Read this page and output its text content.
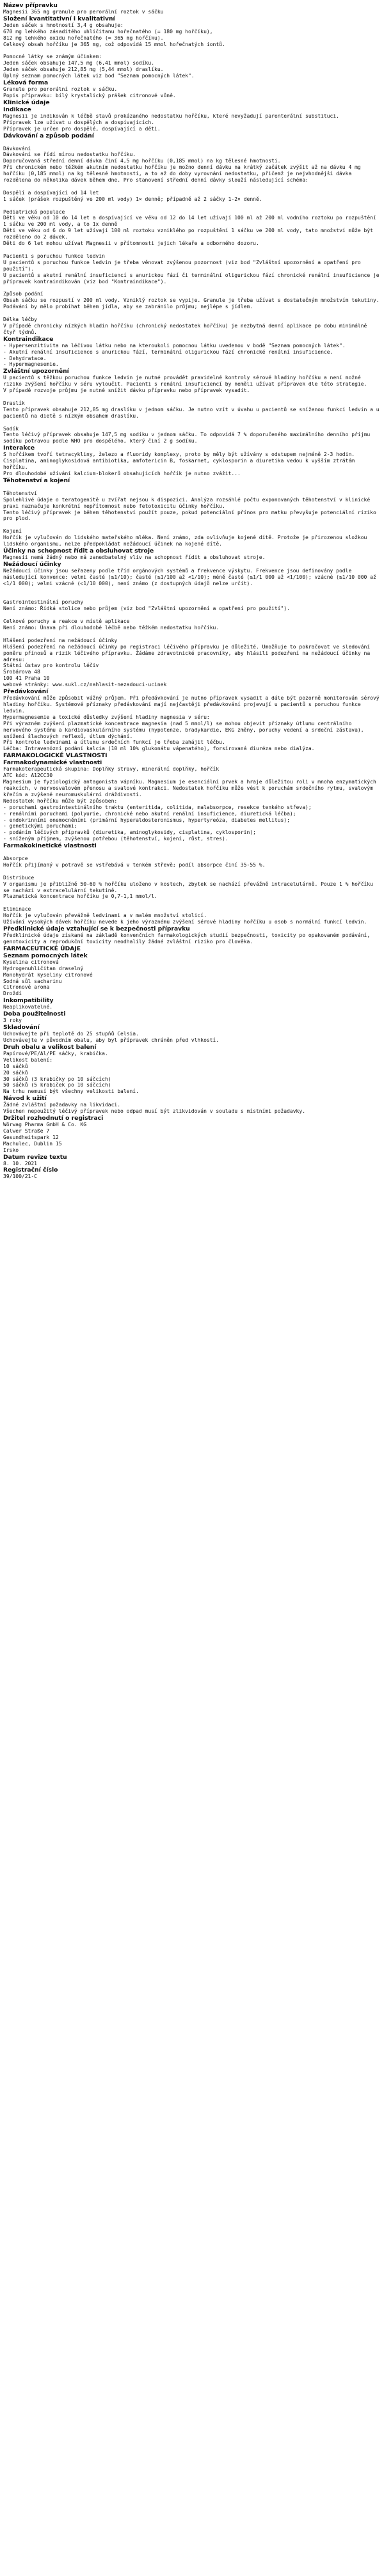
Název přípravku
Magnesii 365 mg granule pro perorální roztok v sáčku
Složení kvantitativní i kvalitativní
Jeden sáček s hmotností 3,4 g obsahuje:
670 mg lehkého zásaditého uhličitanu hořečnatého (= 180 mg hořčíku),
812 mg lehkého oxidu hořečnatého (= 365 mg hořčíku).
Celkový obsah hořčíku je 365 mg, což odpovídá 15 mmol hořečnatých iontů.

Pomocné látky se známým účinkem:
Jeden sáček obsahuje 147,5 mg (6,41 mmol) sodíku.
Jeden sáček obsahuje 212,85 mg (5,44 mmol) draslíku.
Úplný seznam pomocných látek viz bod "Seznam pomocných látek".
Léková forma
Granule pro perorální roztok v sáčku.
Popis přípravku: bílý krystalický prášek citronové vůně.
Klinické údaje
Indikace
Magnesii je indikován k léčbě stavů prokázaného nedostatku hořčíku, které nevyžadují parenterální substituci.
Přípravek lze užívat u dospělých a dospívajících.
Přípravek je určen pro dospělé, dospívající a děti.
Dávkování a způsob podání

Dávkování
Dávkování se řídí mírou nedostatku hořčíku.
Doporučovaná střední denní dávka činí 4,5 mg hořčíku (0,185 mmol) na kg tělesné hmotnosti.
Při chronickém nebo těžkém akutním nedostatku hořčíku je možno denní dávku na krátký začátek zvýšit až na dávku 4 mg hořčíku (0,185 mmol) na kg tělesné hmotnosti, a to až do doby vyrovnání nedostatku, přičemž je nejvhodnější dávka rozdělena do několika dávek během dne. Pro stanovení střední denní dávky slouží následující schéma:

Dospělí a dospívající od 14 let
1 sáček (prášek rozpuštěný ve 200 ml vody) 1× denně; případně až 2 sáčky 1-2× denně.

Pediatrická populace
Děti ve věku od 10 do 14 let a dospívající ve věku od 12 do 14 let užívají 100 ml až 200 ml vodního roztoku po rozpuštění 1 sáčku ve 200 ml vody, a to 1x denně
Děti ve věku od 6 do 9 let užívají 100 ml roztoku vzniklého po rozpuštění 1 sáčku ve 200 ml vody, tato množství může být rozděleno do 2 dávek.
Děti do 6 let mohou užívat Magnesii v přítomnosti jejich lékaře a odborného dozoru.

Pacienti s poruchou funkce ledvin
U pacientů s poruchou funkce ledvin je třeba věnovat zvýšenou pozornost (viz bod "Zvláštní upozornění a opatření pro použití").
U pacientů s akutní renální insuficiencí s anurickou fází či terminální oligurickou fází chronické renální insuficience je přípravek kontraindikován (viz bod "Kontraindikace").

Způsob podání
Obsah sáčku se rozpustí v 200 ml vody. Vzniklý roztok se vypije. Granule je třeba užívat s dostatečným množstvím tekutiny. Podávání by mělo probíhat během jídla, aby se zabránilo průjmu; nejlépe s jídlem.

Délka léčby
V případě chronicky nízkých hladin hořčíku (chronický nedostatek hořčíku) je nezbytná denní aplikace po dobu minimálně čtyř týdnů.
Kontraindikace
- Hypersenzitivita na léčivou látku nebo na kteroukoli pomocnou látku uvedenou v bodě "Seznam pomocných látek".
- Akutní renální insuficience s anurickou fází, terminální oligurickou fází chronické renální insuficience.
- Dehydratace.
- Hypermagnesemie.
Zvláštní upozornění
U pacientů s těžkou poruchou funkce ledvin je nutné provádět pravidelné kontroly sérové hladiny hořčíku a není možné riziko zvýšení hořčíku v séru vyloučit. Pacienti s renální insuficiencí by neměli užívat přípravek dle této strategie.
V případě rozvoje průjmu je nutné snížit dávku přípravku nebo přípravek vysadit.

Draslík
Tento přípravek obsahuje 212,85 mg draslíku v jednom sáčku. Je nutno vzít v úvahu u pacientů se sníženou funkcí ledvin a u pacientů na dietě s nízkým obsahem draslíku.

Sodík
Tento léčivý přípravek obsahuje 147,5 mg sodíku v jednom sáčku. To odpovídá 7 % doporučeného maximálního denního příjmu sodíku potravou podle WHO pro dospělého, který činí 2 g sodíku.
Interakce
S hořčíkem tvoří tetracykliny, železo a fluoridy komplexy, proto by měly být užívány s odstupem nejméně 2-3 hodin.
Cisplatina, aminoglykosidová antibiotika, amfotericin B, foskarnet, cyklosporin a diuretika vedou k vyšším ztrátám hořčíku.
Pro dlouhodobé užívání kalcium-blokerů obsahujících hořčík je nutno zvážit...
Těhotenství a kojení

Těhotenství
Spolehlivé údaje o teratogenitě u zvířat nejsou k dispozici. Analýza rozsáhlé počtu exponovaných těhotenství v klinické praxi naznačuje konkrétní nepřítomnost nebo fetotoxicitu účinky hořčíku.
Tento léčivý přípravek je během těhotenství použít pouze, pokud potenciální přínos pro matku převyšuje potenciální riziko pro plod.

Kojení
Hořčík je vylučován do lidského mateřského mléka. Není známo, zda ovlivňuje kojené dítě. Protože je přirozenou složkou lidského organismu, nelze předpokládat nežádoucí účinek na kojené dítě.
Účinky na schopnost řídit a obsluhovat stroje
Magnesii nemá žádný nebo má zanedbatelný vliv na schopnost řídit a obsluhovat stroje.
Nežádoucí účinky
Nežádoucí účinky jsou seřazeny podle tříd orgánových systémů a frekvence výskytu. Frekvence jsou definovány podle následující konvence: velmi časté (≥1/10); časté (≥1/100 až <1/10); méně časté (≥1/1 000 až <1/100); vzácné (≥1/10 000 až <1/1 000); velmi vzácné (<1/10 000), není známo (z dostupných údajů nelze určit).

Gastrointestinální poruchy
Není známo: Řídká stolice nebo průjem (viz bod "Zvláštní upozornění a opatření pro použití").

Celkové poruchy a reakce v místě aplikace
Není známo: Únava při dlouhodobé léčbě nebo těžkém nedostatku hořčíku.

Hlášení podezření na nežádoucí účinky
Hlášení podezření na nežádoucí účinky po registraci léčivého přípravku je důležité. Umožňuje to pokračovat ve sledování poměru přínosů a rizik léčivého přípravku. Žádáme zdravotnické pracovníky, aby hlásili podezření na nežádoucí účinky na adresu:
Státní ústav pro kontrolu léčiv
Šrobárova 48
100 41 Praha 10
webové stránky: www.sukl.cz/nahlasit-nezadouci-ucinek
Předávkování
Předávkování může způsobit vážný průjem. Při předávkování je nutno přípravek vysadit a dále být pozorně monitorován sérový hladiny hořčíku. Systémové příznaky předávkování mají nejčastěji předávkování projevují u pacientů s poruchou funkce ledvin.
Hypermagnesemie a toxické důsledky zvýšení hladiny magnesia v séru:
Při výrazném zvýšení plazmatické koncentrace magnesia (nad 5 mmol/l) se mohou objevit příznaky útlumu centrálního nervového systému a kardiovaskulárního systému (hypotenze, bradykardie, EKG změny, poruchy vedení a srdeční zástava), snížení šlachových reflexů, útlum dýchání.
Při kontrole ledvinami a útlumu srdečních funkcí je třeba zahájit léčbu.
Léčba: Intravenózní podání kalcia (10 ml 10% glukonátu vápenatého), forsírovaná diuréza nebo dialýza.
FARMAKOLOGICKÉ VLASTNOSTI
Farmakodynamické vlastnosti
Farmakoterapeutická skupina: Doplňky stravy, minerální doplňky, hořčík
ATC kód: A12CC30
Magnesium je fyziologický antagonista vápníku. Magnesium je esenciální prvek a hraje důležitou roli v mnoha enzymatických reakcích, v nervosvalovém přenosu a svalové kontrakci. Nedostatek hořčíku může vést k poruchám srdečního rytmu, svalovým křečím a zvýšené neuromuskulární dráždivosti.
Nedostatek hořčíku může být způsoben:
- poruchami gastrointestinálního traktu (enteritida, colitida, malabsorpce, resekce tenkého střeva);
- renálními poruchami (polyurie, chronické nebo akutní renální insuficience, diuretická léčba);
- endokrinními onemocněními (primární hyperaldosteronismus, hypertyreóza, diabetes mellitus);
- genetickými poruchami;
- podáním léčivých přípravků (diuretika, aminoglykosidy, cisplatina, cyklosporin);
- sníženým příjmem, zvýšenou potřebou (těhotenství, kojení, růst, stres).
Farmakokinetické vlastnosti

Absorpce
Hořčík přijímaný v potravě se vstřebává v tenkém střevě; podíl absorpce činí 35-55 %.

Distribuce
V organismu je přibližně 50-60 % hořčíku uloženo v kostech, zbytek se nachází převážně intracelulárně. Pouze 1 % hořčíku se nachází v extracelulární tekutině.
Plazmatická koncentrace hořčíku je 0,7-1,1 mmol/l.

Eliminace
Hořčík je vylučován převážně ledvinami a v malém množství stolicí.
Užívání vysokých dávek hořčíku nevede k jeho výraznému zvýšení sérové hladiny hořčíku u osob s normální funkcí ledvin.
Předklinické údaje vztahující se k bezpečnosti přípravku
Předklinické údaje získané na základě konvenčních farmakologických studií bezpečnosti, toxicity po opakovaném podávání, genotoxicity a reprodukční toxicity neodhalily žádné zvláštní riziko pro člověka.
FARMACEUTICKÉ ÚDAJE
Seznam pomocných látek
Kyselina citronová
Hydrogenuhličitan draselný
Monohydrát kyseliny citronové
Sodná sůl sacharinu
Citronové aroma
Droždí
Inkompatibility
Neaplikovatelné.
Doba použitelnosti
3 roky
Skladování
Uchovávejte při teplotě do 25 stupňů Celsia.
Uchovávejte v původním obalu, aby byl přípravek chráněn před vlhkostí.
Druh obalu a velikost balení
Papírové/PE/Al/PE sáčky, krabička.
Velikost balení:
10 sáčků
20 sáčků
30 sáčků (3 krabičky po 10 sáčcích)
50 sáčků (5 krabiček po 10 sáčcích)
Na trhu nemusí být všechny velikosti balení.
Návod k užití
Žádné zvláštní požadavky na likvidaci.
Všechen nepoužitý léčivý přípravek nebo odpad musí být zlikvidován v souladu s místními požadavky.
Držitel rozhodnutí o registraci
Wörwag Pharma GmbH & Co. KG
Calwer Straße 7
Gesundheitspark 12
Machulec, Dublin 15
Irsko
Datum revize textu
8. 10. 2021
Registrační číslo
39/100/21-C
